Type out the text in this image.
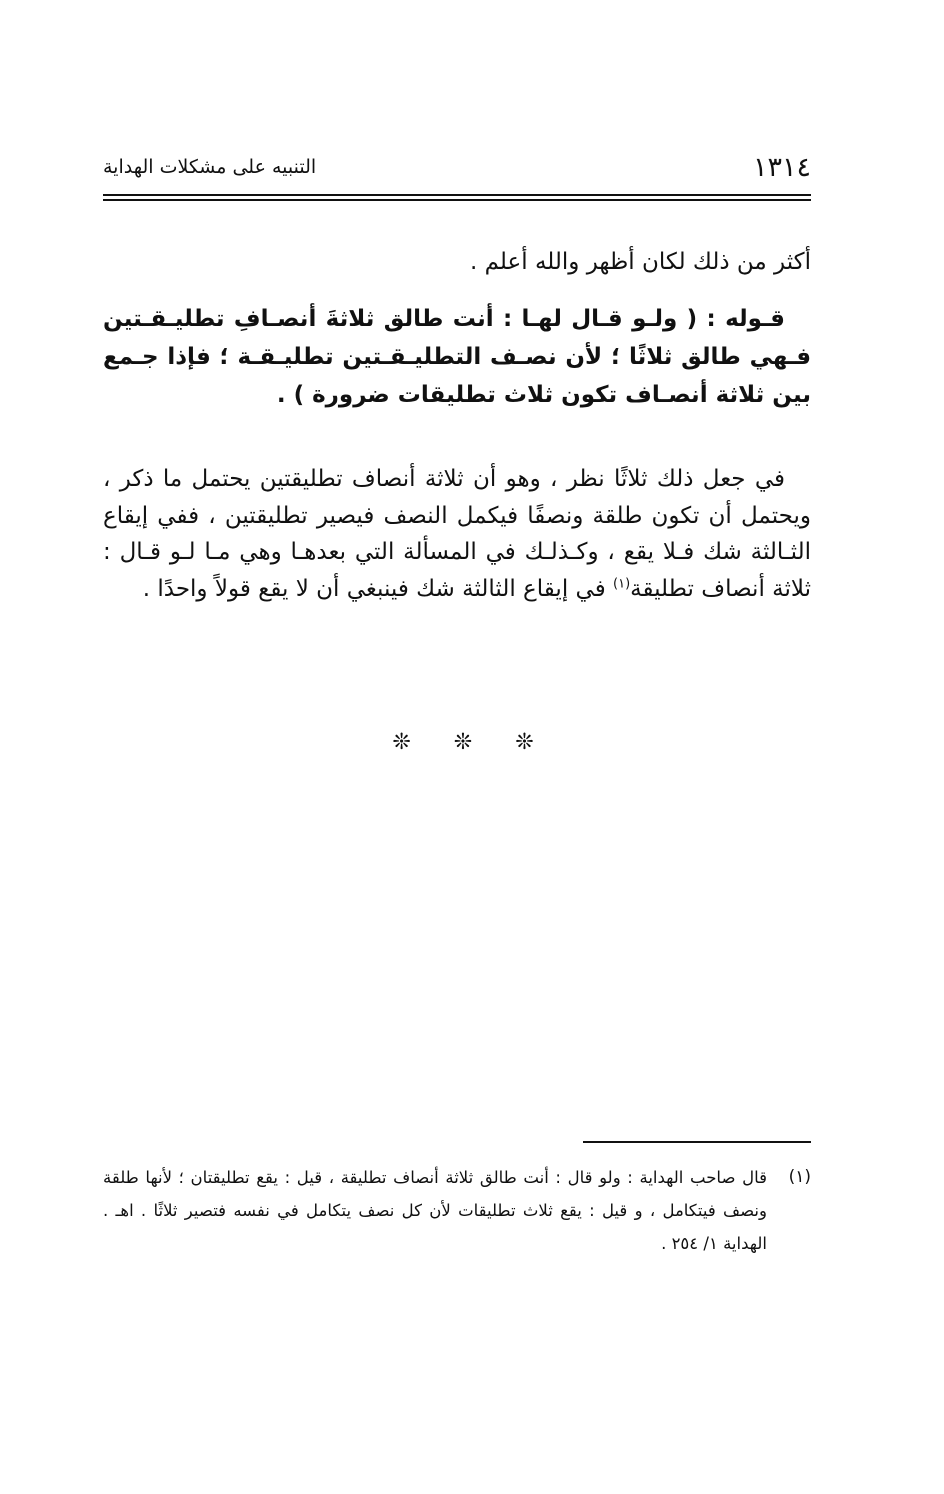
١٣١٤
التنبيه على مشكلات الهداية

أكثر من ذلك لكان أظهر والله أعلم .

قـوله : ( ولـو قـال لهـا : أنت طالق ثلاثةَ أنصـافِ تطليـقـتين فـهي طالق ثلاثًا ؛ لأن نصـف التطليـقـتين تطليـقـة ؛ فإذا جـمع بين ثلاثة أنصـاف تكون ثلاث تطليقات ضرورة ) .

في جعل ذلك ثلاثًا نظر ، وهو أن ثلاثة أنصاف تطليقتين يحتمل ما ذكر ، ويحتمل أن تكون طلقة ونصفًا فيكمل النصف فيصير تطليقتين ، ففي إيقاع الثـالثة شك فـلا يقع ، وكـذلـك في المسألة التي بعدهـا وهي مـا لـو قـال : ثلاثة أنصاف تطليقة$^{(١)}$ في إيقاع الثالثة شك فينبغي أن لا يقع قولاً واحدًا .

❊ ❊ ❊

(١)
قال صاحب الهداية : ولو قال : أنت طالق ثلاثة أنصاف تطليقة ، قيل : يقع تطليقتان ؛ لأنها طلقة ونصف فيتكامل ، و قيل : يقع ثلاث تطليقات لأن كل نصف يتكامل في نفسه فتصير ثلاثًا . اهـ . الهداية ١/ ٢٥٤ .
